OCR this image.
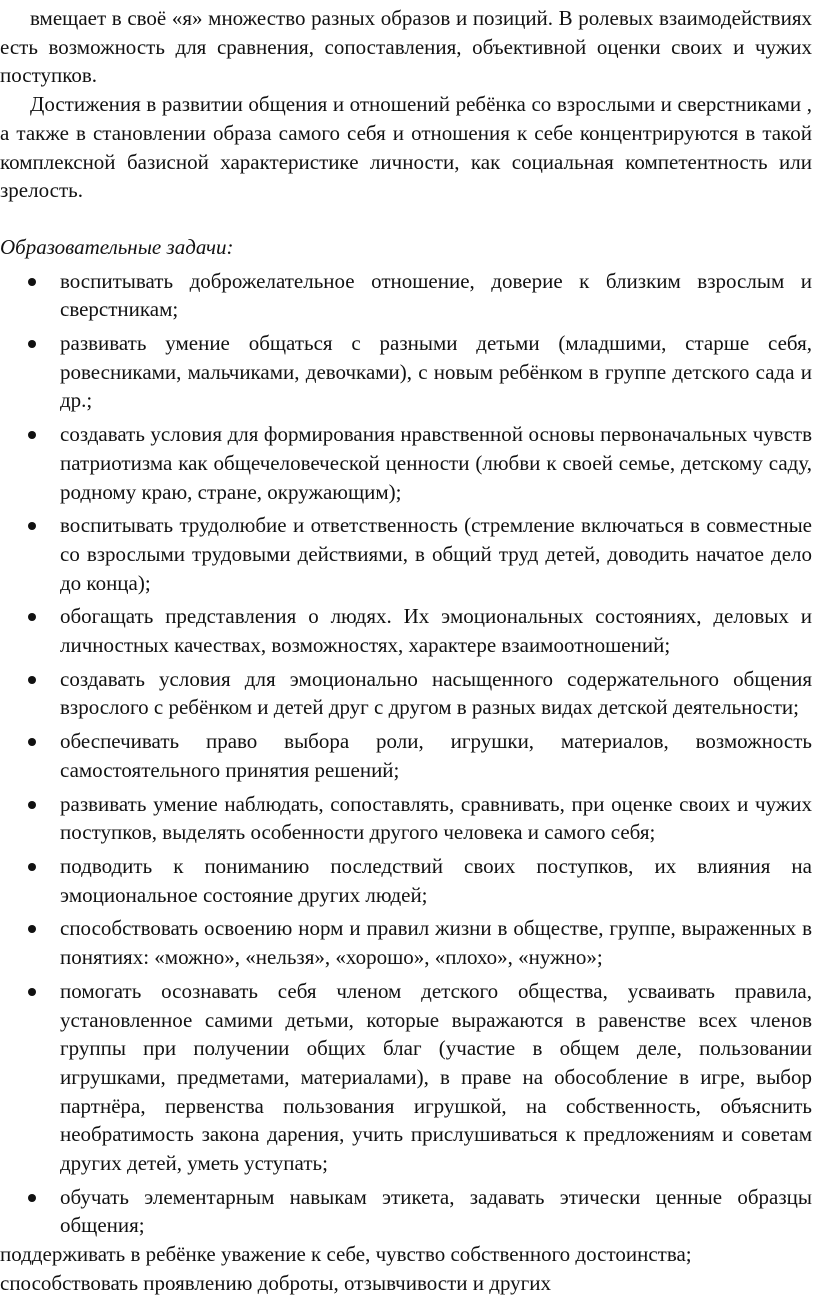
вмещает в своё «я» множество разных образов и позиций. В ролевых взаимодействиях есть возможность для сравнения, сопоставления, объективной оценки своих и чужих поступков.

Достижения в развитии общения и отношений ребёнка со взрослыми и сверстниками , а также в становлении образа самого себя и отношения к себе концентрируются в такой комплексной базисной характеристике личности, как социальная компетентность или зрелость.

Образовательные задачи:

воспитывать доброжелательное отношение, доверие к близким взрослым и сверстникам;
развивать умение общаться с разными детьми (младшими, старше себя, ровесниками, мальчиками, девочками), с новым ребёнком в группе детского сада и др.;
создавать условия для формирования нравственной основы первоначальных чувств патриотизма как общечеловеческой ценности (любви к своей семье, детскому саду, родному краю, стране, окружающим);
воспитывать трудолюбие и ответственность (стремление включаться в совместные со взрослыми трудовыми действиями, в общий труд детей, доводить начатое дело до конца);
обогащать представления о людях. Их эмоциональных состояниях, деловых и личностных качествах, возможностях, характере взаимоотношений;
создавать условия для эмоционально насыщенного содержательного общения взрослого с ребёнком и детей друг с другом в разных видах детской деятельности;
обеспечивать право выбора роли, игрушки, материалов, возможность самостоятельного принятия решений;
развивать умение наблюдать, сопоставлять, сравнивать, при оценке своих и чужих поступков, выделять особенности другого человека и самого себя;
подводить к пониманию последствий своих поступков, их влияния на эмоциональное состояние других людей;
способствовать освоению норм и правил жизни в обществе, группе, выраженных в понятиях: «можно», «нельзя», «хорошо», «плохо», «нужно»;
помогать осознавать себя членом детского общества, усваивать правила, установленное самими детьми, которые выражаются в равенстве всех членов группы при получении общих благ (участие в общем деле, пользовании игрушками, предметами, материалами), в праве на обособление в игре, выбор партнёра, первенства пользования игрушкой, на собственность, объяснить необратимость закона дарения, учить прислушиваться к предложениям и советам других детей, уметь уступать;
обучать элементарным навыкам этикета, задавать этически ценные образцы общения;

поддерживать в ребёнке уважение к себе, чувство собственного достоинства;

способствовать проявлению доброты, отзывчивости и других
